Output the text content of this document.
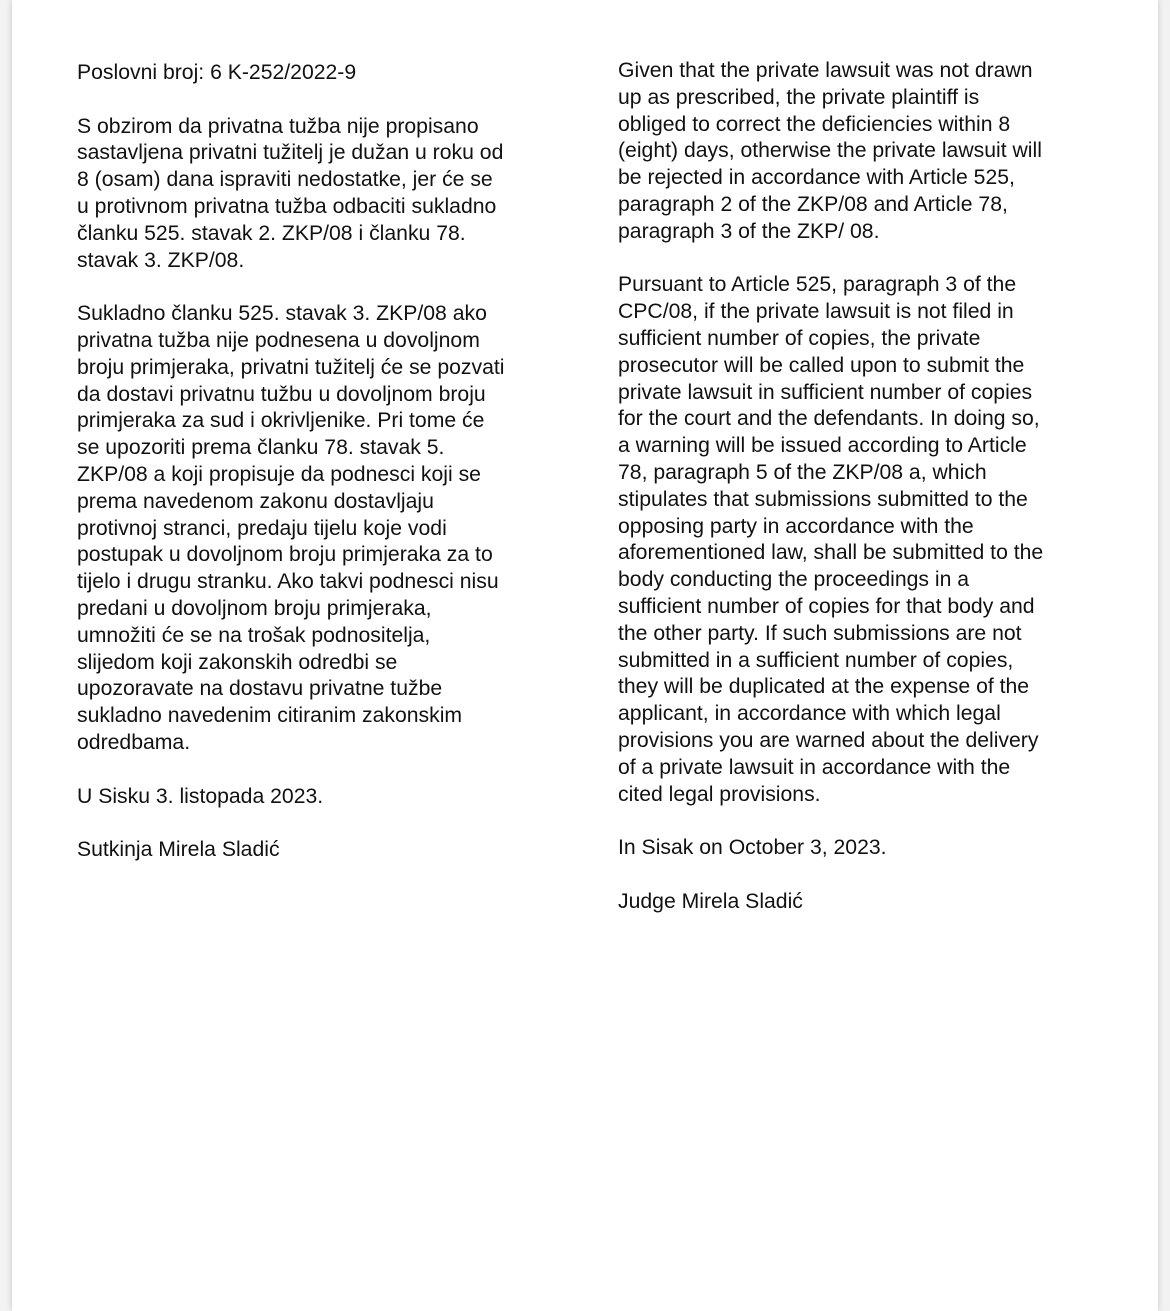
Poslovni broj: 6 K-252/2022-9

S obzirom da privatna tužba nije propisano
sastavljena privatni tužitelj je dužan u roku od
8 (osam) dana ispraviti nedostatke, jer će se
u protivnom privatna tužba odbaciti sukladno
članku 525. stavak 2. ZKP/08 i članku 78.
stavak 3. ZKP/08.

Sukladno članku 525. stavak 3. ZKP/08 ako
privatna tužba nije podnesena u dovoljnom
broju primjeraka, privatni tužitelj će se pozvati
da dostavi privatnu tužbu u dovoljnom broju
primjeraka za sud i okrivljenike. Pri tome će
se upozoriti prema članku 78. stavak 5.
ZKP/08 a koji propisuje da podnesci koji se
prema navedenom zakonu dostavljaju
protivnoj stranci, predaju tijelu koje vodi
postupak u dovoljnom broju primjeraka za to
tijelo i drugu stranku. Ako takvi podnesci nisu
predani u dovoljnom broju primjeraka,
umnožiti će se na trošak podnositelja,
slijedom koji zakonskih odredbi se
upozoravate na dostavu privatne tužbe
sukladno navedenim citiranim zakonskim
odredbama.

U Sisku 3. listopada 2023.

Sutkinja Mirela Sladić

Given that the private lawsuit was not drawn
up as prescribed, the private plaintiff is
obliged to correct the deficiencies within 8
(eight) days, otherwise the private lawsuit will
be rejected in accordance with Article 525,
paragraph 2 of the ZKP/08 and Article 78,
paragraph 3 of the ZKP/ 08.

Pursuant to Article 525, paragraph 3 of the
CPC/08, if the private lawsuit is not filed in
sufficient number of copies, the private
prosecutor will be called upon to submit the
private lawsuit in sufficient number of copies
for the court and the defendants. In doing so,
a warning will be issued according to Article
78, paragraph 5 of the ZKP/08 a, which
stipulates that submissions submitted to the
opposing party in accordance with the
aforementioned law, shall be submitted to the
body conducting the proceedings in a
sufficient number of copies for that body and
the other party. If such submissions are not
submitted in a sufficient number of copies,
they will be duplicated at the expense of the
applicant, in accordance with which legal
provisions you are warned about the delivery
of a private lawsuit in accordance with the
cited legal provisions.

In Sisak on October 3, 2023.

Judge Mirela Sladić
